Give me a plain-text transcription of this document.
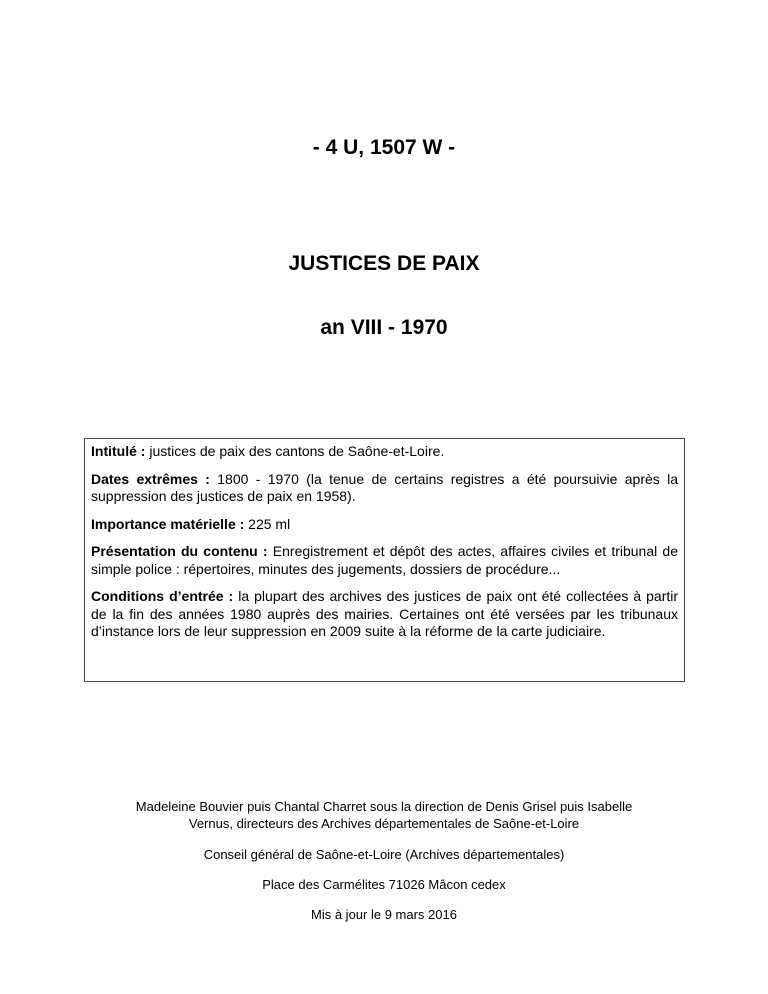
- 4 U, 1507 W -
JUSTICES DE PAIX
an VIII - 1970

Intitulé : justices de paix des cantons de Saône-et-Loire.

Dates extrêmes : 1800 - 1970 (la tenue de certains registres a été poursuivie après la suppression des justices de paix en 1958).

Importance matérielle : 225 ml

Présentation du contenu : Enregistrement et dépôt des actes, affaires civiles et tribunal de simple police : répertoires, minutes des jugements, dossiers de procédure...

Conditions d’entrée : la plupart des archives des justices de paix ont été collectées à partir de la fin des années 1980 auprès des mairies. Certaines ont été versées par les tribunaux d’instance lors de leur suppression en 2009 suite à la réforme de la carte judiciaire.

Madeleine Bouvier puis Chantal Charret sous la direction de Denis Grisel puis Isabelle
Vernus, directeurs des Archives départementales de Saône-et-Loire

Conseil général de Saône-et-Loire (Archives départementales)

Place des Carmélites 71026 Mâcon cedex

Mis à jour le 9 mars 2016
